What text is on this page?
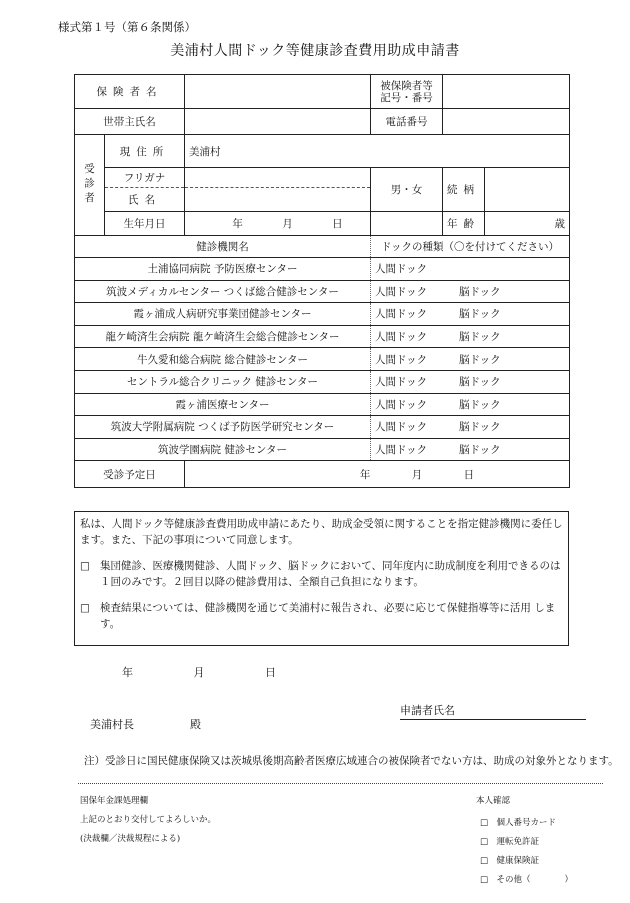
様式第１号（第６条関係）
美浦村人間ドック等健康診査費用助成申請書
保険者名			被保険者等
記号・番号		

世帯主氏名			電話番号		
受診者	現住所	美浦村			
	フリガナ		男・女	続柄	
	氏名				
	生年月日	年 月 日		年齢	歳
健診機関名			ドックの種類（〇を付けてください）		
土浦協同病院 予防医療センター			人間ドック		
筑波メディカルセンター つくば総合健診センター			人間ドック 脳ドック		
霞ヶ浦成人病研究事業団健診センター			人間ドック 脳ドック		
龍ケ崎済生会病院 龍ケ崎済生会総合健診センター			人間ドック 脳ドック		
牛久愛和総合病院 総合健診センター			人間ドック 脳ドック		
セントラル総合クリニック 健診センター			人間ドック 脳ドック		
霞ヶ浦医療センター			人間ドック 脳ドック		
筑波大学附属病院 つくば予防医学研究センター			人間ドック 脳ドック		
筑波学園病院 健診センター			人間ドック 脳ドック		
受診予定日		年 月 日			

私は、人間ドック等健康診査費用助成申請にあたり、助成金受領に関することを指定健診機関に委任します。また、下記の事項について同意します。

□ 集団健診、医療機関健診、人間ドック、脳ドックにおいて、同年度内に助成制度を利用できるのは１回のみです。２回目以降の健診費用は、全額自己負担になります。
□ 検査結果については、健診機関を通じて美浦村に報告され、必要に応じて保健指導等に活用 します。
年	月	日
申請者氏名
美浦村長	殿
注）受診日に国民健康保険又は茨城県後期高齢者医療広域連合の被保険者でない方は、助成の対象外となります。
国保年金課処理欄
上記のとおり交付してよろしいか。
(決裁欄／決裁規程による)
本人確認
□　個人番号カード
□　運転免許証
□　健康保険証
□　その他（　　　　）
